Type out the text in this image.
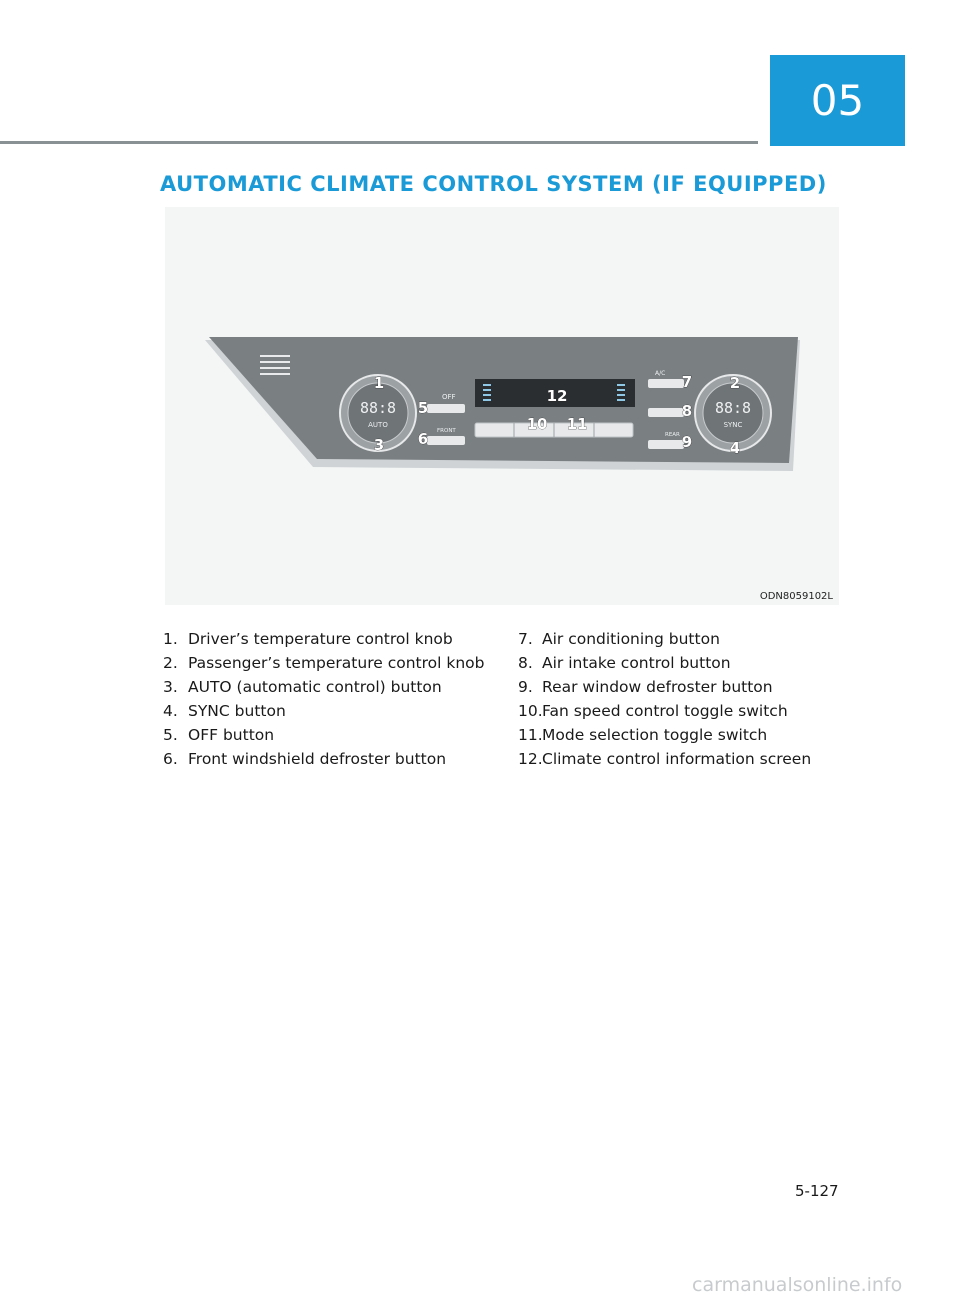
05
AUTOMATIC CLIMATE CONTROL SYSTEM (IF EQUIPPED)
88:8
AUTO
OFF
FRONT
A/C
REAR
88:8
SYNC
1	2
3	4
5
6
7
8
9
10 11
12
ODN8059102L
1. Driver’s temperature control knob
2. Passenger’s temperature control knob
3. AUTO (automatic control) button
4. SYNC button
5. OFF button
6. Front windshield defroster button
7. Air conditioning button
8. Air intake control button
9. Rear window defroster button
10. Fan speed control toggle switch
11. Mode selection toggle switch
12. Climate control information screen
5-127
carmanualsonline.info
